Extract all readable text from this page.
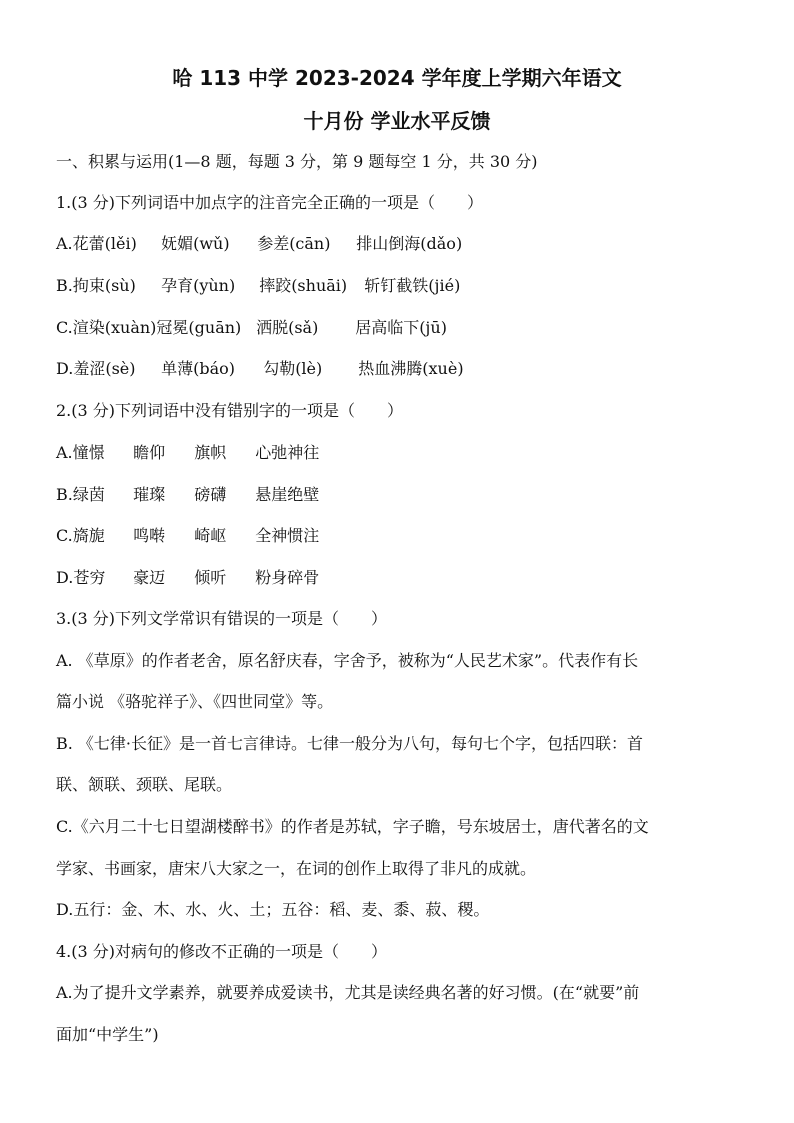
哈 113 中学 2023-2024 学年度上学期六年语文
十月份 学业水平反馈
一、积累与运用(1—8 题，每题 3 分，第 9 题每空 1 分，共 30 分)
1.(3 分)下列词语中加点字的注音完全正确的一项是（　　）
A.花蕾(lěi) 妩媚(wǔ) 参差(cān) 排山倒海(dǎo)
B.拘束(sù) 孕育(yùn) 摔跤(shuāi) 斩钉截铁(jié)
C.渲染(xuàn)冠冕(guān) 洒脱(sǎ) 居高临下(jū)
D.羞涩(sè) 单薄(báo) 勾勒(lè) 热血沸腾(xuè)
2.(3 分)下列词语中没有错别字的一项是（　　）
A.憧憬 瞻仰 旗帜 心弛神往
B.绿茵 璀璨 磅礴 悬崖绝壁
C.旖旎 鸣啭 崎岖 全神惯注
D.苍穷 豪迈 倾听 粉身碎骨
3.(3 分)下列文学常识有错误的一项是（　　）
A. 《草原》的作者老舍，原名舒庆春，字舍予，被称为“人民艺术家”。代表作有长
篇小说 《骆驼祥子》、《四世同堂》等。
B. 《七律·长征》是一首七言律诗。七律一般分为八句，每句七个字，包括四联：首
联、颔联、颈联、尾联。
C.《六月二十七日望湖楼醉书》的作者是苏轼，字子瞻，号东坡居士，唐代著名的文
学家、书画家，唐宋八大家之一，在词的创作上取得了非凡的成就。
D.五行：金、木、水、火、土；五谷：稻、麦、黍、菽、稷。
4.(3 分)对病句的修改不正确的一项是（　　）
A.为了提升文学素养，就要养成爱读书，尤其是读经典名著的好习惯。(在“就要”前
面加“中学生”)
